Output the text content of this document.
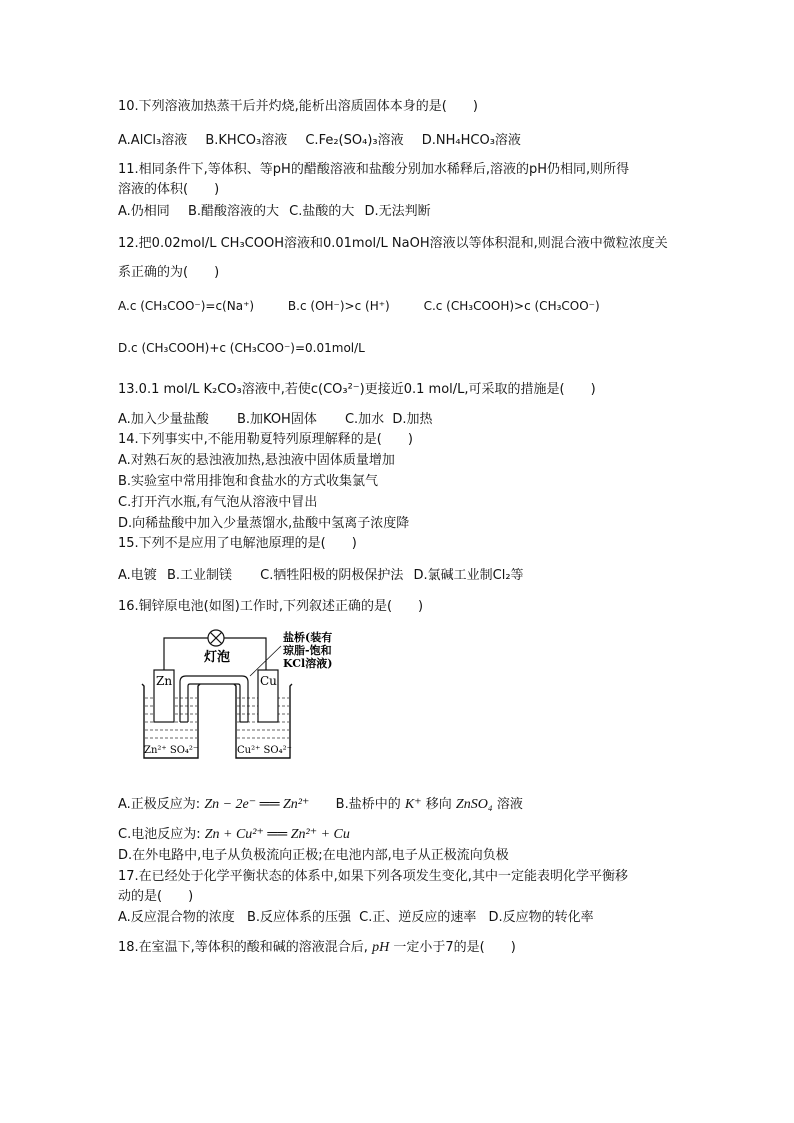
10.下列溶液加热蒸干后并灼烧,能析出溶质固体本身的是(　　)
A.AlCl₃溶液 B.KHCO₃溶液 C.Fe₂(SO₄)₃溶液 D.NH₄HCO₃溶液
11.相同条件下,等体积、等pH的醋酸溶液和盐酸分别加水稀释后,溶液的pH仍相同,则所得
溶液的体积(　　)
A.仍相同 B.醋酸溶液的大 C.盐酸的大 D.无法判断
12.把0.02mol/L CH₃COOH溶液和0.01mol/L NaOH溶液以等体积混和,则混合液中微粒浓度关
系正确的为(　　)
A.c (CH₃COO⁻)=c(Na⁺)	B.c (OH⁻)>c (H⁺)	C.c (CH₃COOH)>c (CH₃COO⁻)
D.c (CH₃COOH)+c (CH₃COO⁻)=0.01mol/L
13.0.1 mol/L K₂CO₃溶液中,若使c(CO₃²⁻)更接近0.1 mol/L,可采取的措施是(　　)
A.加入少量盐酸 B.加KOH固体 C.加水 D.加热
14.下列事实中,不能用勒夏特列原理解释的是(　　)
A.对熟石灰的悬浊液加热,悬浊液中固体质量增加
B.实验室中常用排饱和食盐水的方式收集氯气
C.打开汽水瓶,有气泡从溶液中冒出
D.向稀盐酸中加入少量蒸馏水,盐酸中氢离子浓度降
15.下列不是应用了电解池原理的是(　　)
A.电镀 B.工业制镁 C.牺牲阳极的阴极保护法 D.氯碱工业制Cl₂等
16.铜锌原电池(如图)工作时,下列叙述正确的是(　　)
灯泡
盐桥(装有
琼脂-饱和
KCl溶液)
Zn	Cu
Zn²⁺ SO₄²⁻	Cu²⁺ SO₄²⁻
A.正极反应为: Zn − 2e⁻ ══ Zn²⁺ B.盐桥中的 K⁺ 移向 ZnSO₄ 溶液
C.电池反应为: Zn + Cu²⁺ ══ Zn²⁺ + Cu
D.在外电路中,电子从负极流向正极;在电池内部,电子从正极流向负极
17.在已经处于化学平衡状态的体系中,如果下列各项发生变化,其中一定能表明化学平衡移
动的是(　　)
A.反应混合物的浓度 B.反应体系的压强 C.正、逆反应的速率 D.反应物的转化率
18.在室温下,等体积的酸和碱的溶液混合后, pH 一定小于7的是(　　)
